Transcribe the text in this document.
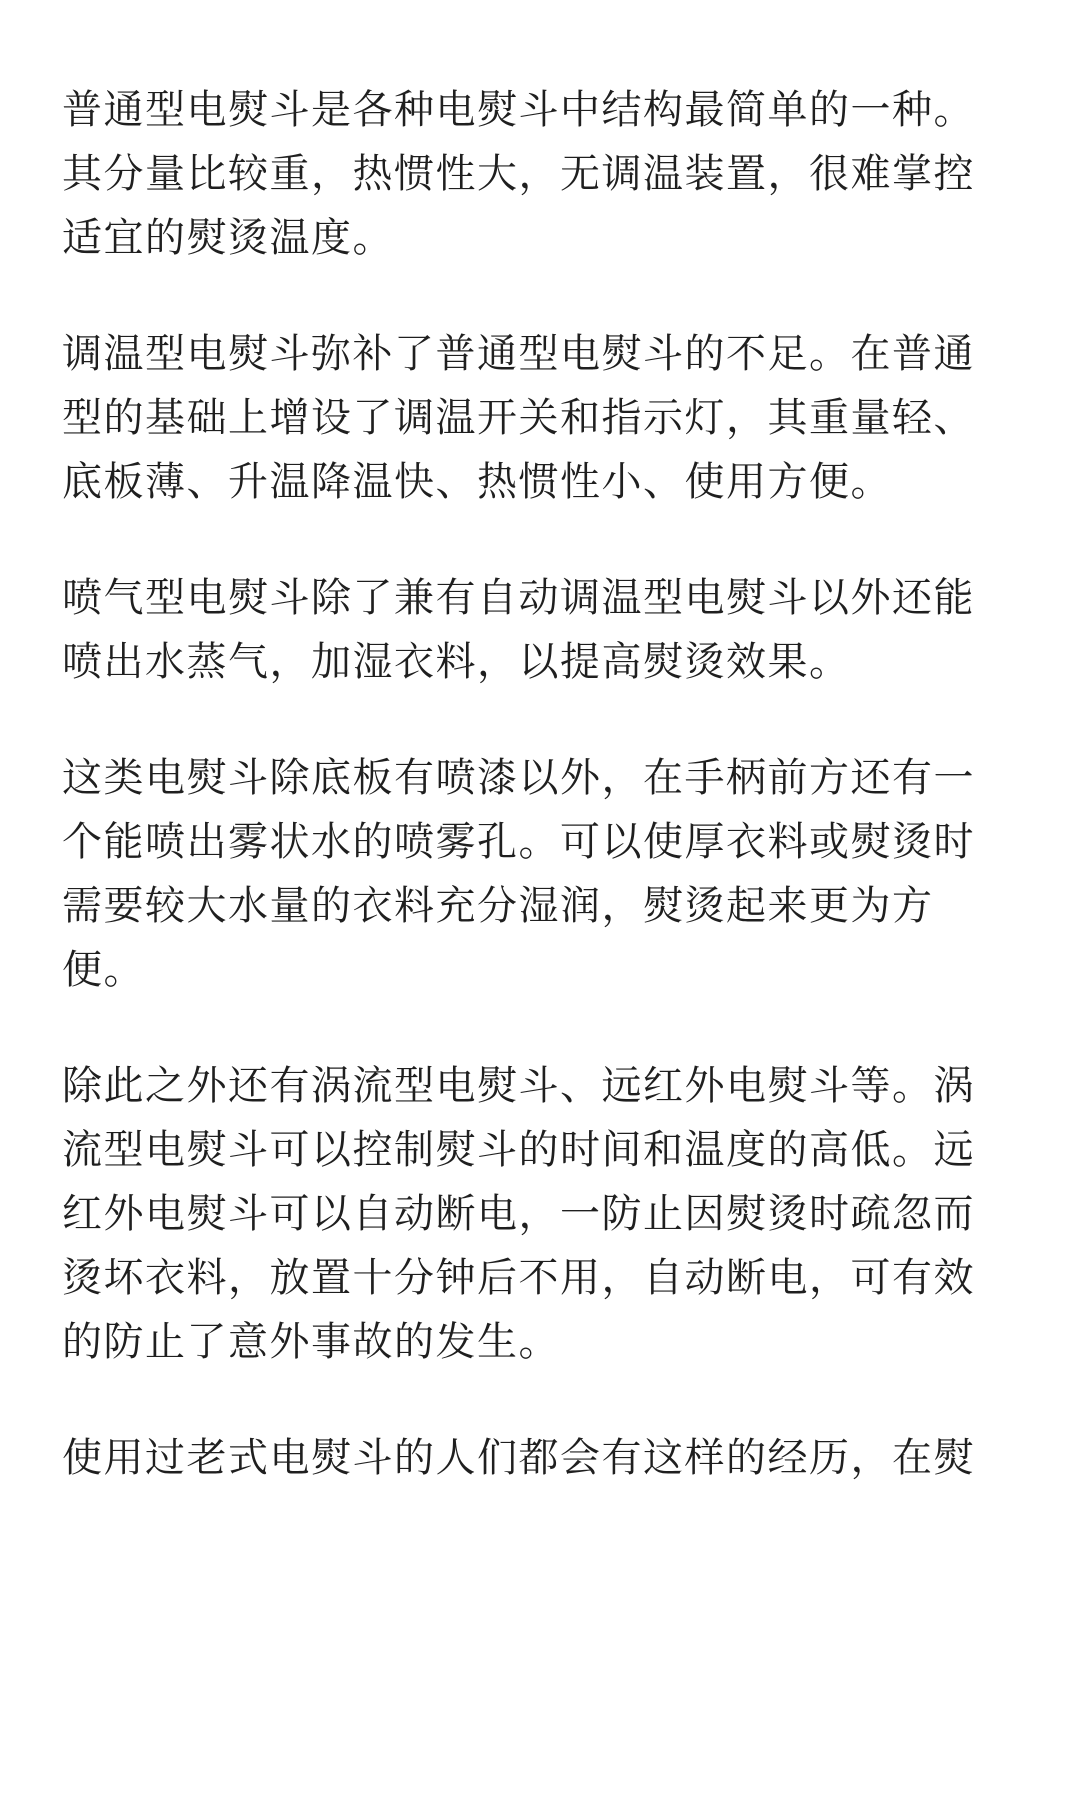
普通型电熨斗是各种电熨斗中结构最简单的一种。
其分量比较重，热惯性大，无调温装置，很难掌控
适宜的熨烫温度。

调温型电熨斗弥补了普通型电熨斗的不足。在普通
型的基础上增设了调温开关和指示灯，其重量轻、
底板薄、升温降温快、热惯性小、使用方便。

喷气型电熨斗除了兼有自动调温型电熨斗以外还能
喷出水蒸气，加湿衣料，以提高熨烫效果。

这类电熨斗除底板有喷漆以外，在手柄前方还有一
个能喷出雾状水的喷雾孔。可以使厚衣料或熨烫时
需要较大水量的衣料充分湿润，熨烫起来更为方
便。

除此之外还有涡流型电熨斗、远红外电熨斗等。涡
流型电熨斗可以控制熨斗的时间和温度的高低。远
红外电熨斗可以自动断电，一防止因熨烫时疏忽而
烫坏衣料，放置十分钟后不用，自动断电，可有效
的防止了意外事故的发生。

使用过老式电熨斗的人们都会有这样的经历，在熨
